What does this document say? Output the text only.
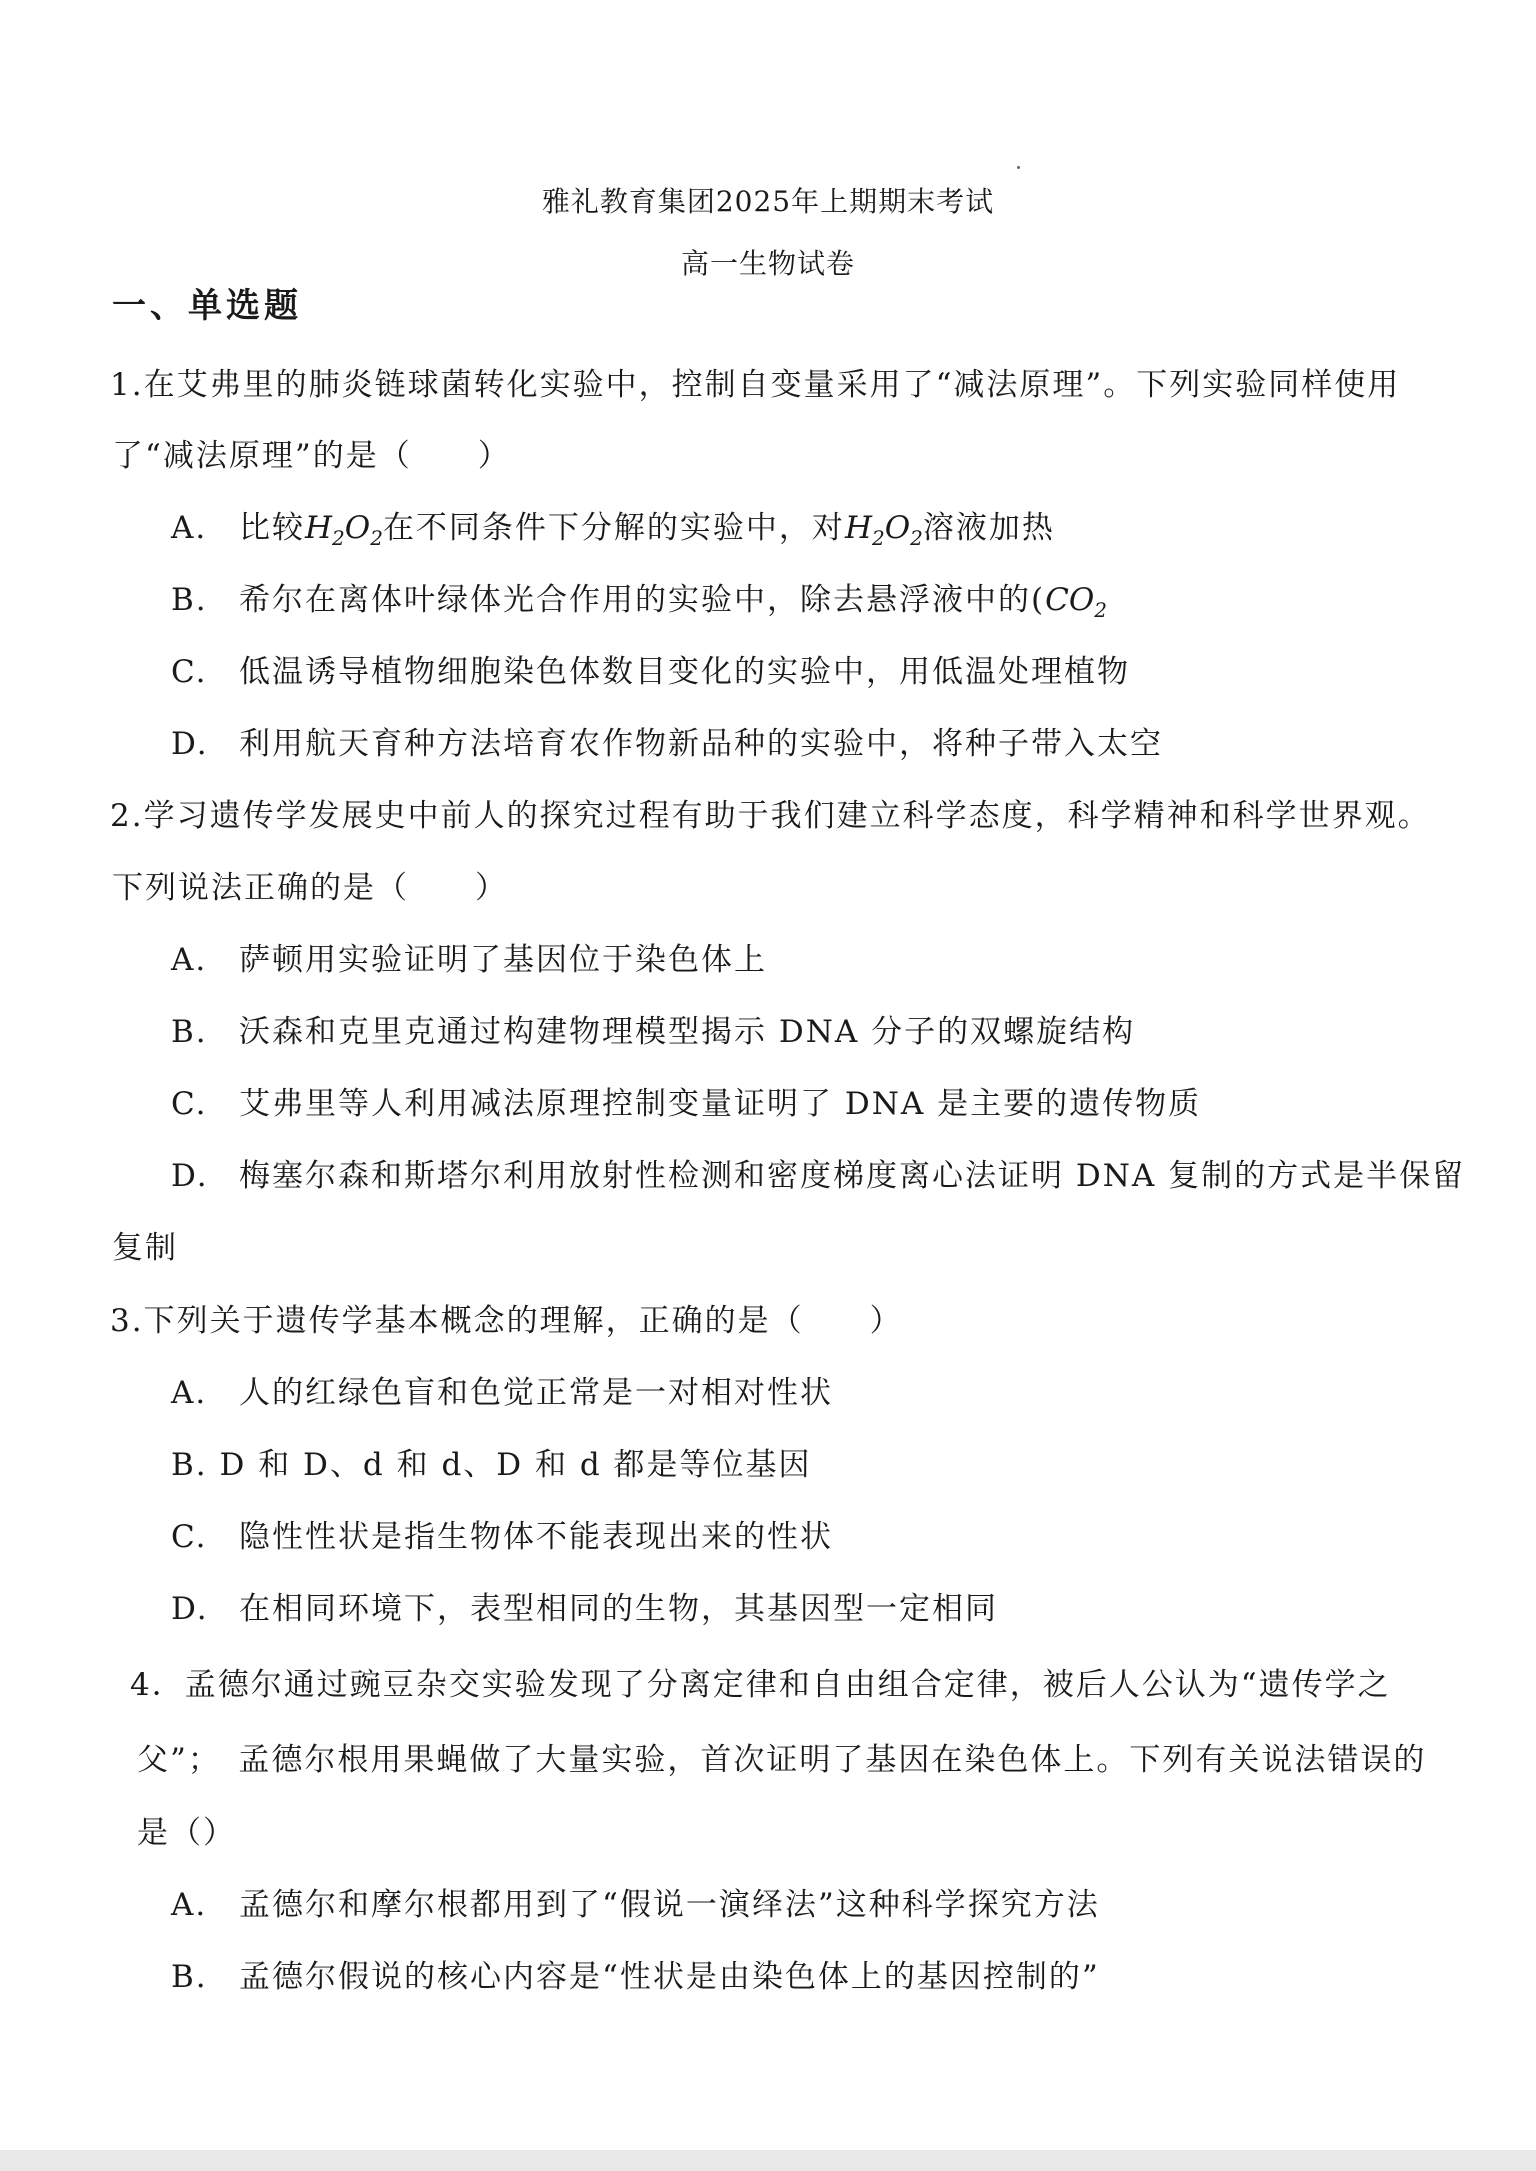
雅礼教育集团2025年上期期末考试
高一生物试卷
一、单选题
1.在艾弗里的肺炎链球菌转化实验中，控制自变量采用了“减法原理”。下列实验同样使用
了“减法原理”的是（　　）
A. 比较$H_2O_2$在不同条件下分解的实验中，对$H_2O_2$溶液加热
B. 希尔在离体叶绿体光合作用的实验中，除去悬浮液中的($CO_2$
C. 低温诱导植物细胞染色体数目变化的实验中，用低温处理植物
D. 利用航天育种方法培育农作物新品种的实验中，将种子带入太空
2.学习遗传学发展史中前人的探究过程有助于我们建立科学态度，科学精神和科学世界观。
下列说法正确的是（　　）
A. 萨顿用实验证明了基因位于染色体上
B. 沃森和克里克通过构建物理模型揭示 DNA 分子的双螺旋结构
C. 艾弗里等人利用减法原理控制变量证明了 DNA 是主要的遗传物质
D. 梅塞尔森和斯塔尔利用放射性检测和密度梯度离心法证明 DNA 复制的方式是半保留
复制
3.下列关于遗传学基本概念的理解，正确的是（　　）
A. 人的红绿色盲和色觉正常是一对相对性状
B. D 和 D、d 和 d、D 和 d 都是等位基因
C. 隐性性状是指生物体不能表现出来的性状
D. 在相同环境下，表型相同的生物，其基因型一定相同
4．孟德尔通过豌豆杂交实验发现了分离定律和自由组合定律，被后人公认为“遗传学之
父”；　孟德尔根用果蝇做了大量实验，首次证明了基因在染色体上。下列有关说法错误的
是（）
A. 孟德尔和摩尔根都用到了“假说一演绎法”这种科学探究方法
B. 孟德尔假说的核心内容是“性状是由染色体上的基因控制的”
